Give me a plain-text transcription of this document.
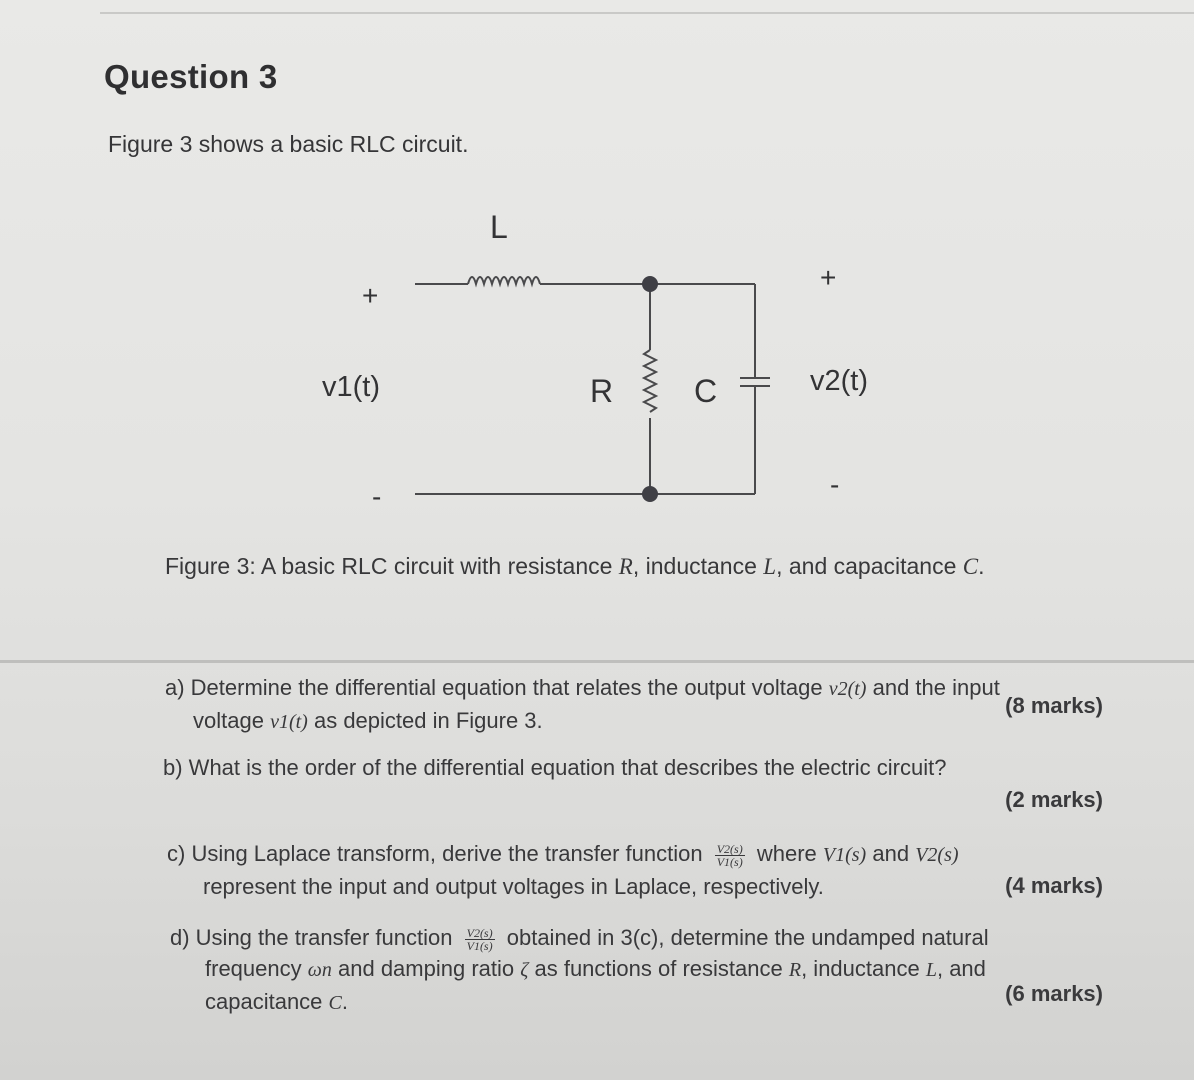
Question 3
Figure 3 shows a basic RLC circuit.
L
+
v1(t)
-
R	C
+
v2(t)
-
Figure 3: A basic RLC circuit with resistance R, inductance L, and capacitance C.
a) Determine the differential equation that relates the output voltage v2(t) and the input
voltage v1(t) as depicted in Figure 3.
(8 marks)
b) What is the order of the differential equation that describes the electric circuit?
(2 marks)
c) Using Laplace transform, derive the transfer function $\frac{V2(s)}{V1(s)}$ where V1(s) and V2(s)
represent the input and output voltages in Laplace, respectively.	(4 marks)
d) Using the transfer function $\frac{V2(s)}{V1(s)}$ obtained in 3(c), determine the undamped natural
frequency ωn and damping ratio ζ as functions of resistance R, inductance L, and
capacitance C.	(6 marks)
